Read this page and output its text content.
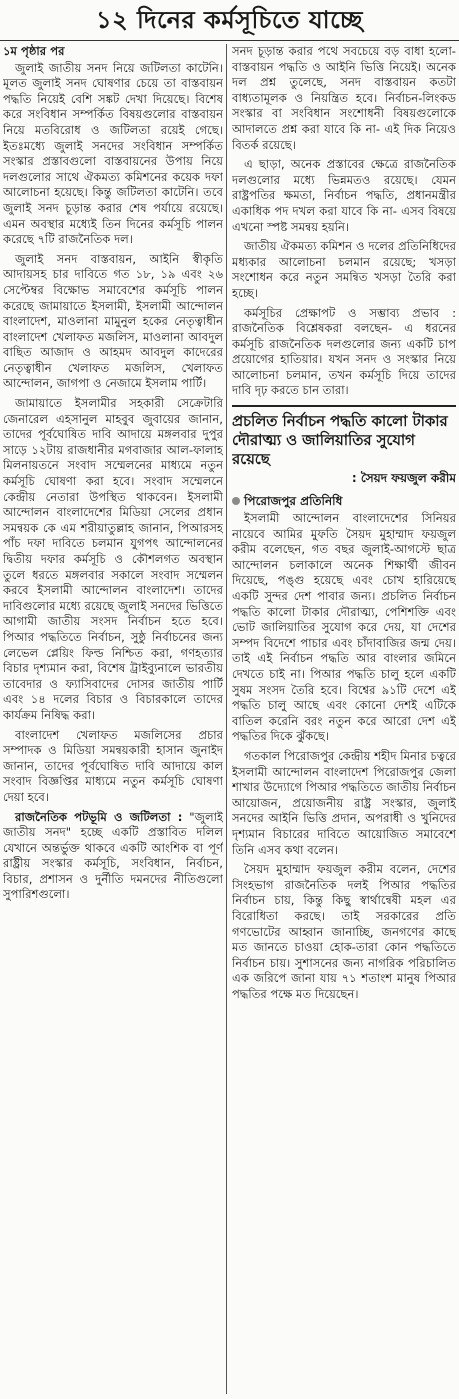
১২ দিনের কর্মসূচিতে যাচ্ছে
১ম পৃষ্ঠার পর

জুলাই জাতীয় সনদ নিয়ে জটিলতা কাটেনি। মূলত জুলাই সনদ ঘোষণার চেয়ে তা বাস্তবায়ন পদ্ধতি নিয়েই বেশি সঙ্কট দেখা দিয়েছে। বিশেষ করে সংবিধান সম্পর্কিত বিষয়গুলোর বাস্তবায়ন নিয়ে মতবিরোধ ও জটিলতা রয়েই গেছে। ইতঃমধ্যে জুলাই সনদের সংবিধান সম্পর্কিত সংস্কার প্রস্তাবগুলো বাস্তবায়নের উপায় নিয়ে দলগুলোর সাথে ঐকমত্য কমিশনের কয়েক দফা আলোচনা হয়েছে। কিন্তু জটিলতা কাটেনি। তবে জুলাই সনদ চূড়ান্ত করার শেষ পর্যায়ে রয়েছে। এমন অবস্থার মধ্যেই তিন দিনের কর্মসূচি পালন করেছে ৭টি রাজনৈতিক দল।

জুলাই সনদ বাস্তবায়ন, আইনি স্বীকৃতি আদায়সহ চার দাবিতে গত ১৮, ১৯ এবং ২৬ সেপ্টেম্বর বিক্ষোভ সমাবেশের কর্মসূচি পালন করেছে জামায়াতে ইসলামী, ইসলামী আন্দোলন বাংলাদেশ, মাওলানা মামুনুল হকের নেতৃত্বাধীন বাংলাদেশ খেলাফত মজলিস, মাওলানা আবদুল বাছিত আজাদ ও আহমদ আবদুল কাদেরের নেতৃত্বাধীন খেলাফত মজলিস, খেলাফত আন্দোলন, জাগপা ও নেজামে ইসলাম পার্টি।

জামায়াতে ইসলামীর সহকারী সেক্রেটারি জেনারেল এহসানুল মাহবুব জুবায়ের জানান, তাদের পূর্বঘোষিত দাবি আদায়ে মঙ্গলবার দুপুর সাড়ে ১২টায় রাজধানীর মগবাজার আল-ফালাহ মিলনায়তনে সংবাদ সম্মেলনের মাধ্যমে নতুন কর্মসূচি ঘোষণা করা হবে। সংবাদ সম্মেলনে কেন্দ্রীয় নেতারা উপস্থিত থাকবেন। ইসলামী আন্দোলন বাংলাদেশের মিডিয়া সেলের প্রধান সমন্বয়ক কে এম শরীয়াতুল্লাহ জানান, পিআরসহ পাঁচ দফা দাবিতে চলমান যুগপৎ আন্দোলনের দ্বিতীয় দফার কর্মসূচি ও কৌশলগত অবস্থান তুলে ধরতে মঙ্গলবার সকালে সংবাদ সম্মেলন করবে ইসলামী আন্দোলন বাংলাদেশ। তাদের দাবিগুলোর মধ্যে রয়েছে জুলাই সনদের ভিত্তিতে আগামী জাতীয় সংসদ নির্বাচন হতে হবে। পিআর পদ্ধতিতে নির্বাচন, সুষ্ঠু নির্বাচনের জন্য লেভেল প্লেয়িং ফিল্ড নিশ্চিত করা, গণহত্যার বিচার দৃশ্যমান করা, বিশেষ ট্রাইব্যুনালে ভারতীয় তাবেদার ও ফ্যাসিবাদের দোসর জাতীয় পার্টি এবং ১৪ দলের বিচার ও বিচারকালে তাদের কার্যক্রম নিষিদ্ধ করা।

বাংলাদেশ খেলাফত মজলিসের প্রচার সম্পাদক ও মিডিয়া সমন্বয়কারী হাসান জুনাইদ জানান, তাদের পূর্বঘোষিত দাবি আদায়ে কাল সংবাদ বিজ্ঞপ্তির মাধ্যমে নতুন কর্মসূচি ঘোষণা দেয়া হবে।

রাজনৈতিক পটভূমি ও জটিলতা : "জুলাই জাতীয় সনদ" হচ্ছে একটি প্রস্তাবিত দলিল যেখানে অন্তর্ভুক্ত থাকবে একটি আংশিক বা পূর্ণ রাষ্ট্রীয় সংস্কার কর্মসূচি, সংবিধান, নির্বাচন, বিচার, প্রশাসন ও দুর্নীতি দমনদের নীতিগুলো সুপারিশগুলো।

সনদ চূড়ান্ত করার পথে সবচেয়ে বড় বাধা হলো- বাস্তবায়ন পদ্ধতি ও আইনি ভিত্তি নিয়েই। অনেক দল প্রশ্ন তুলেছে, সনদ বাস্তবায়ন কতটা বাধ্যতামূলক ও নিয়ন্ত্রিত হবে। নির্বাচন-লিংকড সংস্কার বা সংবিধান সংশোধনী বিষয়গুলোকে আদালতে প্রশ্ন করা যাবে কি না- এই দিক নিয়েও বিতর্ক রয়েছে।

এ ছাড়া, অনেক প্রস্তাবের ক্ষেত্রে রাজনৈতিক দলগুলোর মধ্যে ভিন্নমতও রয়েছে। যেমন রাষ্ট্রপতির ক্ষমতা, নির্বাচন পদ্ধতি, প্রধানমন্ত্রীর একাধিক পদ দখল করা যাবে কি না- এসব বিষয়ে এখনো স্পষ্ট সমন্বয় হয়নি।

জাতীয় ঐকমত্য কমিশন ও দলের প্রতিনিধিদের মধ্যকার আলোচনা চলমান রয়েছে; খসড়া সংশোধন করে নতুন সমন্বিত খসড়া তৈরি করা হচ্ছে।

কর্মসূচির প্রেক্ষাপট ও সম্ভাব্য প্রভাব : রাজনৈতিক বিশ্লেষকরা বলছেন- এ ধরনের কর্মসূচি রাজনৈতিক দলগুলোর জন্য একটি চাপ প্রয়োগের হাতিয়ার। যখন সনদ ও সংস্কার নিয়ে আলোচনা চলমান, তখন কর্মসূচি দিয়ে তাদের দাবি দৃঢ় করতে চান তারা।

প্রচলিত নির্বাচন পদ্ধতি কালো টাকার দৌরাত্ম্য ও জালিয়াতির সুযোগ রয়েছে
: সৈয়দ ফয়জুল করীম
পিরোজপুর প্রতিনিধি

ইসলামী আন্দোলন বাংলাদেশের সিনিয়র নায়েবে আমির মুফতি সৈয়দ মুহাম্মাদ ফয়জুল করীম বলেছেন, গত বছর জুলাই-আগস্টে ছাত্র আন্দোলন চলাকালে অনেক শিক্ষার্থী জীবন দিয়েছে, পঙ্গু হয়েছে এবং চোখ হারিয়েছে একটি সুন্দর দেশ পাবার জন্য। প্রচলিত নির্বাচন পদ্ধতি কালো টাকার দৌরাত্ম্য, পেশিশক্তি এবং ভোট জালিয়াতির সুযোগ করে দেয়, যা দেশের সম্পদ বিদেশে পাচার এবং চাঁদাবাজির জন্ম দেয়। তাই এই নির্বাচন পদ্ধতি আর বাংলার জমিনে দেখতে চাই না। পিআর পদ্ধতি চালু হলে একটি সুষম সংসদ তৈরি হবে। বিশ্বের ৯১টি দেশে এই পদ্ধতি চালু আছে এবং কোনো দেশই এটিকে বাতিল করেনি বরং নতুন করে আরো দেশ এই পদ্ধতির দিকে ঝুঁকছে।

গতকাল পিরোজপুর কেন্দ্রীয় শহীদ মিনার চত্বরে ইসলামী আন্দোলন বাংলাদেশ পিরোজপুর জেলা শাখার উদ্যোগে পিআর পদ্ধতিতে জাতীয় নির্বাচন আয়োজন, প্রয়োজনীয় রাষ্ট্র সংস্কার, জুলাই সনদের আইনি ভিত্তি প্রদান, অপরাধী ও খুনিদের দৃশ্যমান বিচারের দাবিতে আয়োজিত সমাবেশে তিনি এসব কথা বলেন।

সৈয়দ মুহাম্মাদ ফয়জুল করীম বলেন, দেশের সিংহভাগ রাজনৈতিক দলই পিআর পদ্ধতির নির্বাচন চায়, কিন্তু কিছু স্বার্থান্বেষী মহল এর বিরোধিতা করছে। তাই সরকারের প্রতি গণভোটের আহ্বান জানাচ্ছি, জনগণের কাছে মত জানতে চাওয়া হোক-তারা কোন পদ্ধতিতে নির্বাচন চায়। সুশাসনের জন্য নাগরিক পরিচালিত এক জরিপে জানা যায় ৭১ শতাংশ মানুষ পিআর পদ্ধতির পক্ষে মত দিয়েছেন।
